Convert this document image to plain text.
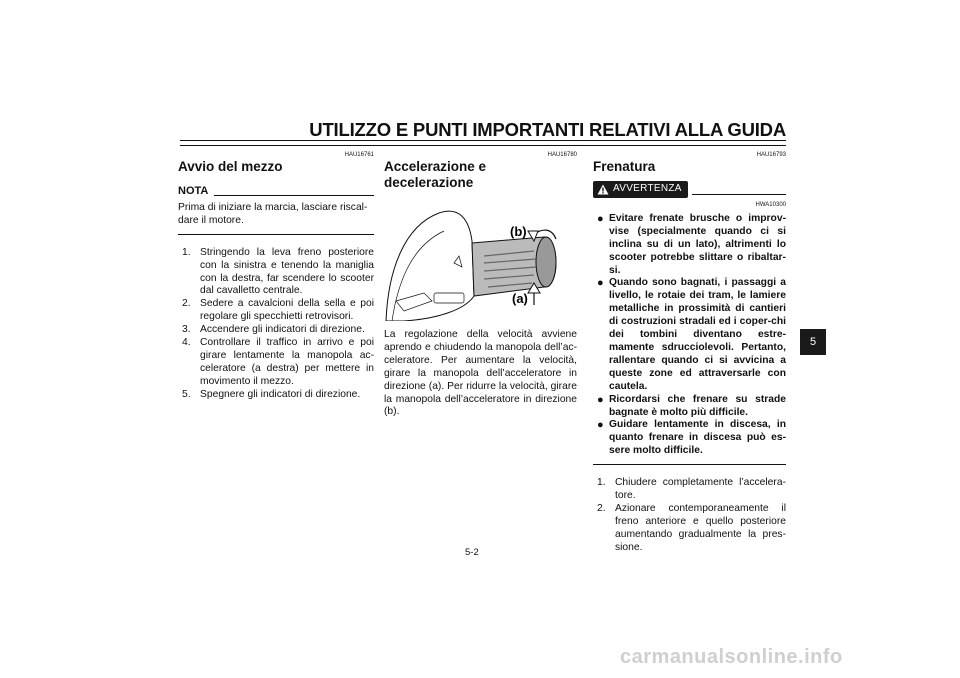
UTILIZZO E PUNTI IMPORTANTI RELATIVI ALLA GUIDA

HAU16761

Avvio del mezzo
NOTA

Prima di iniziare la marcia, lasciare riscal-dare il motore.

1. Stringendo la leva freno posteriore con la sinistra e tenendo la maniglia con la destra, far scendere lo scooter dal cavalletto centrale.
2. Sedere a cavalcioni della sella e poi regolare gli specchietti retrovisori.
3. Accendere gli indicatori di direzione.
4. Controllare il traffico in arrivo e poi girare lentamente la manopola ac-celeratore (a destra) per mettere in movimento il mezzo.
5. Spegnere gli indicatori di direzione.

HAU16780

Accelerazione e decelerazione
(b)
(a)

La regolazione della velocità avviene aprendo e chiudendo la manopola dell’ac-celeratore. Per aumentare la velocità, girare la manopola dell’acceleratore in direzione (a). Per ridurre la velocità, girare la manopola dell’acceleratore in direzione (b).

HAU16793

Frenatura
AVVERTENZA

HWA10300

● Evitare frenate brusche o improv-vise (specialmente quando ci si inclina su di un lato), altrimenti lo scooter potrebbe slittare o ribaltar-si.
● Quando sono bagnati, i passaggi a livello, le rotaie dei tram, le lamiere metalliche in prossimità di cantieri di costruzioni stradali ed i coper-chi dei tombini diventano estre-mamente sdrucciolevoli. Pertanto, rallentare quando ci si avvicina a queste zone ed attraversarle con cautela.
● Ricordarsi che frenare su strade bagnate è molto più difficile.
● Guidare lentamente in discesa, in quanto frenare in discesa può es-sere molto difficile.
1. Chiudere completamente l’accelera-tore.
2. Azionare contemporaneamente il freno anteriore e quello posteriore aumentando gradualmente la pres-sione.
5-2
5
carmanualsonline.info
